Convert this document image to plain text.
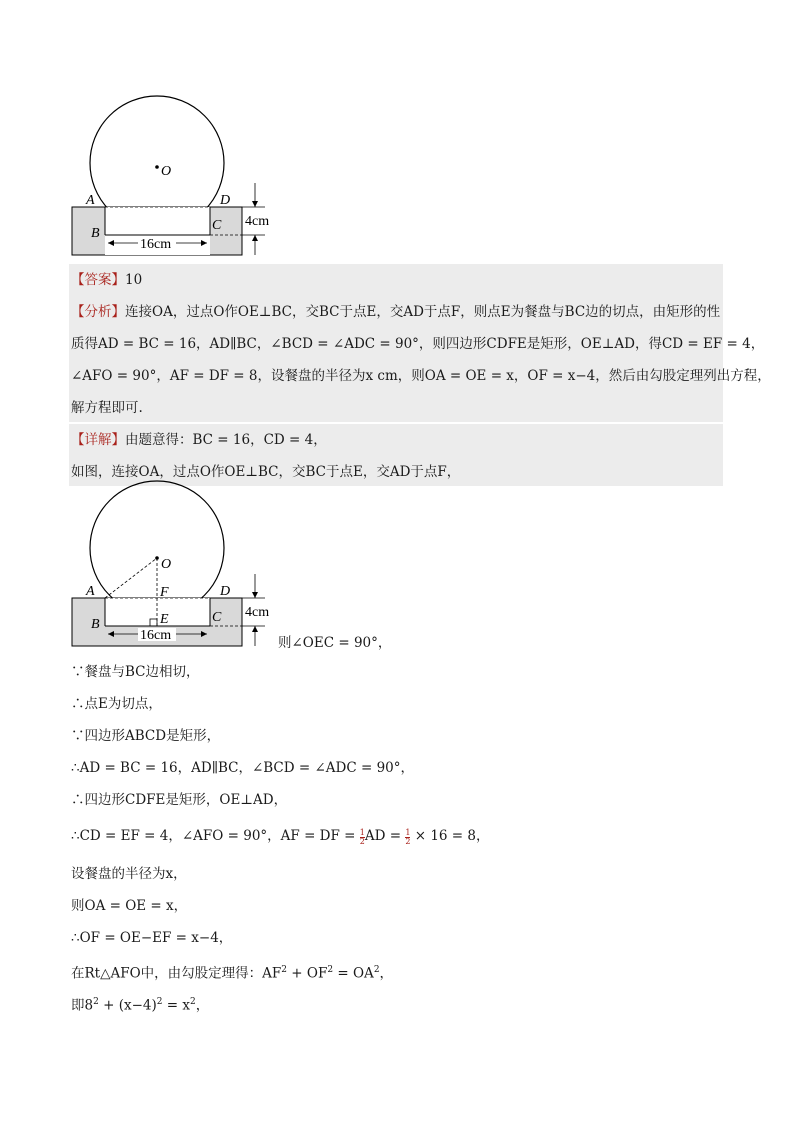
O
A	D
B
C
16cm
4cm
【答案】10
【分析】连接OA，过点O作OE⊥BC，交BC于点E，交AD于点F，则点E为餐盘与BC边的切点，由矩形的性
质得AD = BC = 16，AD∥BC，∠BCD = ∠ADC = 90°，则四边形CDFE是矩形，OE⊥AD，得CD = EF = 4，
∠AFO = 90°，AF = DF = 8，设餐盘的半径为x cm，则OA = OE = x，OF = x−4，然后由勾股定理列出方程，
解方程即可.
【详解】由题意得：BC = 16，CD = 4，
如图，连接OA，过点O作OE⊥BC，交BC于点E，交AD于点F，
O
F
E
A	D
B	C
16cm
4cm
则∠OEC = 90°，
∵餐盘与BC边相切，
∴点E为切点，
∵四边形ABCD是矩形，
∴AD = BC = 16，AD∥BC，∠BCD = ∠ADC = 90°，
∴四边形CDFE是矩形，OE⊥AD，
∴CD = EF = 4，∠AFO = 90°，AF = DF = $\frac{1}{2}$ AD = $\frac{1}{2} \times 16 = 8$，
设餐盘的半径为x，
则OA = OE = x，
∴OF = OE−EF = x−4，
在Rt△AFO中，由勾股定理得：$AF^2 + OF^2 = OA^2$，
即$8^2 + (x-4)^2 = x^2$，
